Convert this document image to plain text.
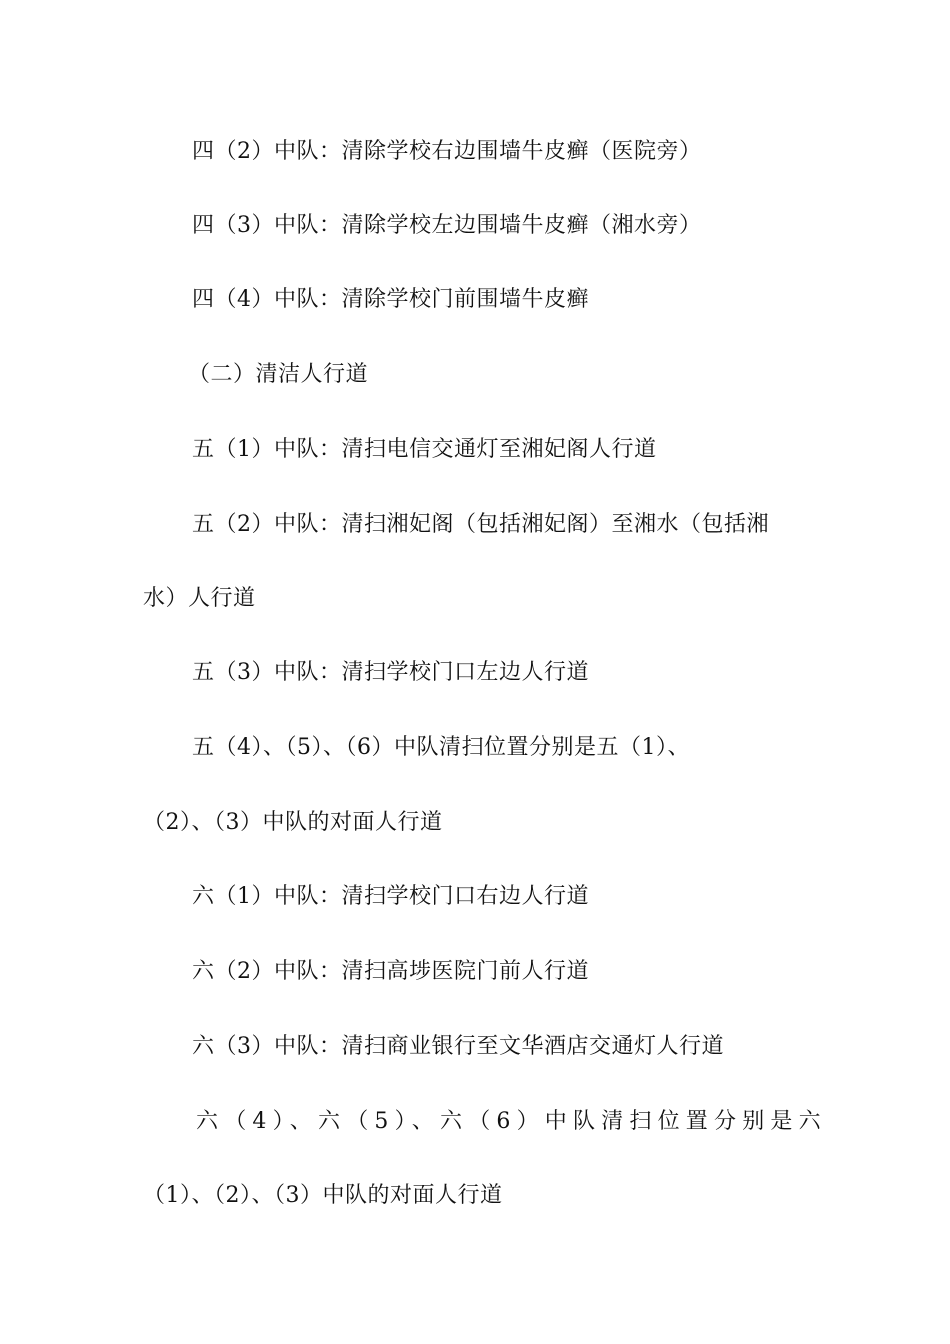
四（2）中队：清除学校右边围墙牛皮癣（医院旁）
四（3）中队：清除学校左边围墙牛皮癣（湘水旁）
四（4）中队：清除学校门前围墙牛皮癣
（二）清洁人行道
五（1）中队：清扫电信交通灯至湘妃阁人行道
五（2）中队：清扫湘妃阁（包括湘妃阁）至湘水（包括湘
水）人行道
五（3）中队：清扫学校门口左边人行道
五（4）、（5）、（6）中队清扫位置分别是五（1）、
（2）、（3）中队的对面人行道
六（1）中队：清扫学校门口右边人行道
六（2）中队：清扫高埗医院门前人行道
六（3）中队：清扫商业银行至文华酒店交通灯人行道
六（4）、六（5）、六（6）中队清扫位置分别是六
（1）、（2）、（3）中队的对面人行道
